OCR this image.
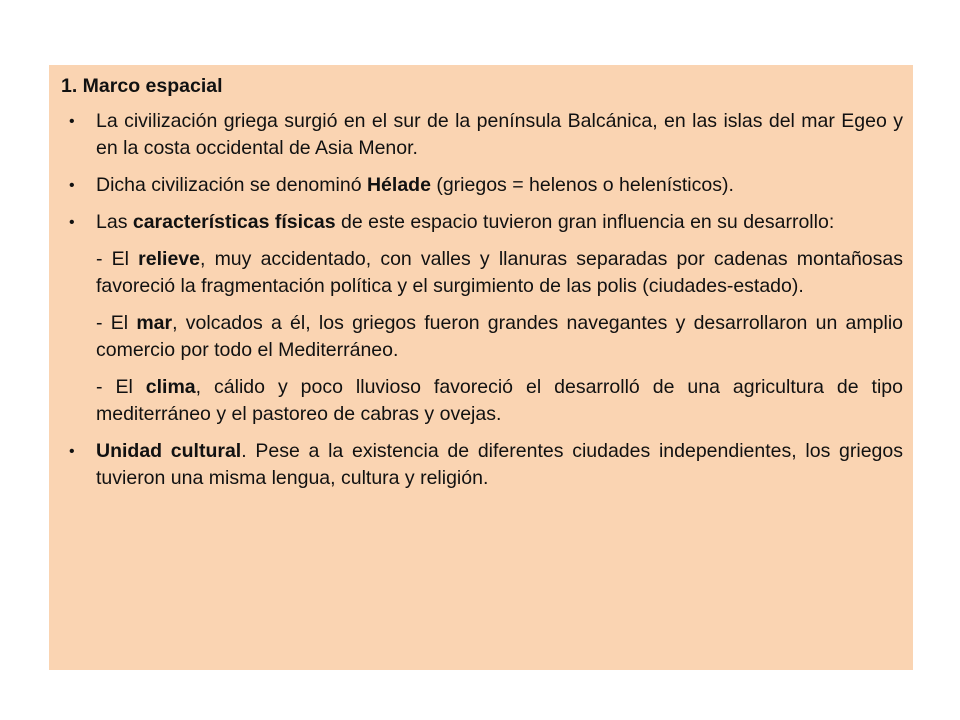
1. Marco espacial

• La civilización griega surgió en el sur de la península Balcánica, en las islas del mar Egeo y en la costa occidental de Asia Menor.

• Dicha civilización se denominó Hélade (griegos = helenos o helenísticos).

• Las características físicas de este espacio tuvieron gran influencia en su desarrollo:

- El relieve, muy accidentado, con valles y llanuras separadas por cadenas montañosas favoreció la fragmentación política y el surgimiento de las polis (ciudades-estado).

- El mar, volcados a él, los griegos fueron grandes navegantes y desarrollaron un amplio comercio por todo el Mediterráneo.

- El clima, cálido y poco lluvioso favoreció el desarrolló de una agricultura de tipo mediterráneo y el pastoreo de cabras y ovejas.

• Unidad cultural. Pese a la existencia de diferentes ciudades independientes, los griegos tuvieron una misma lengua, cultura y religión.
